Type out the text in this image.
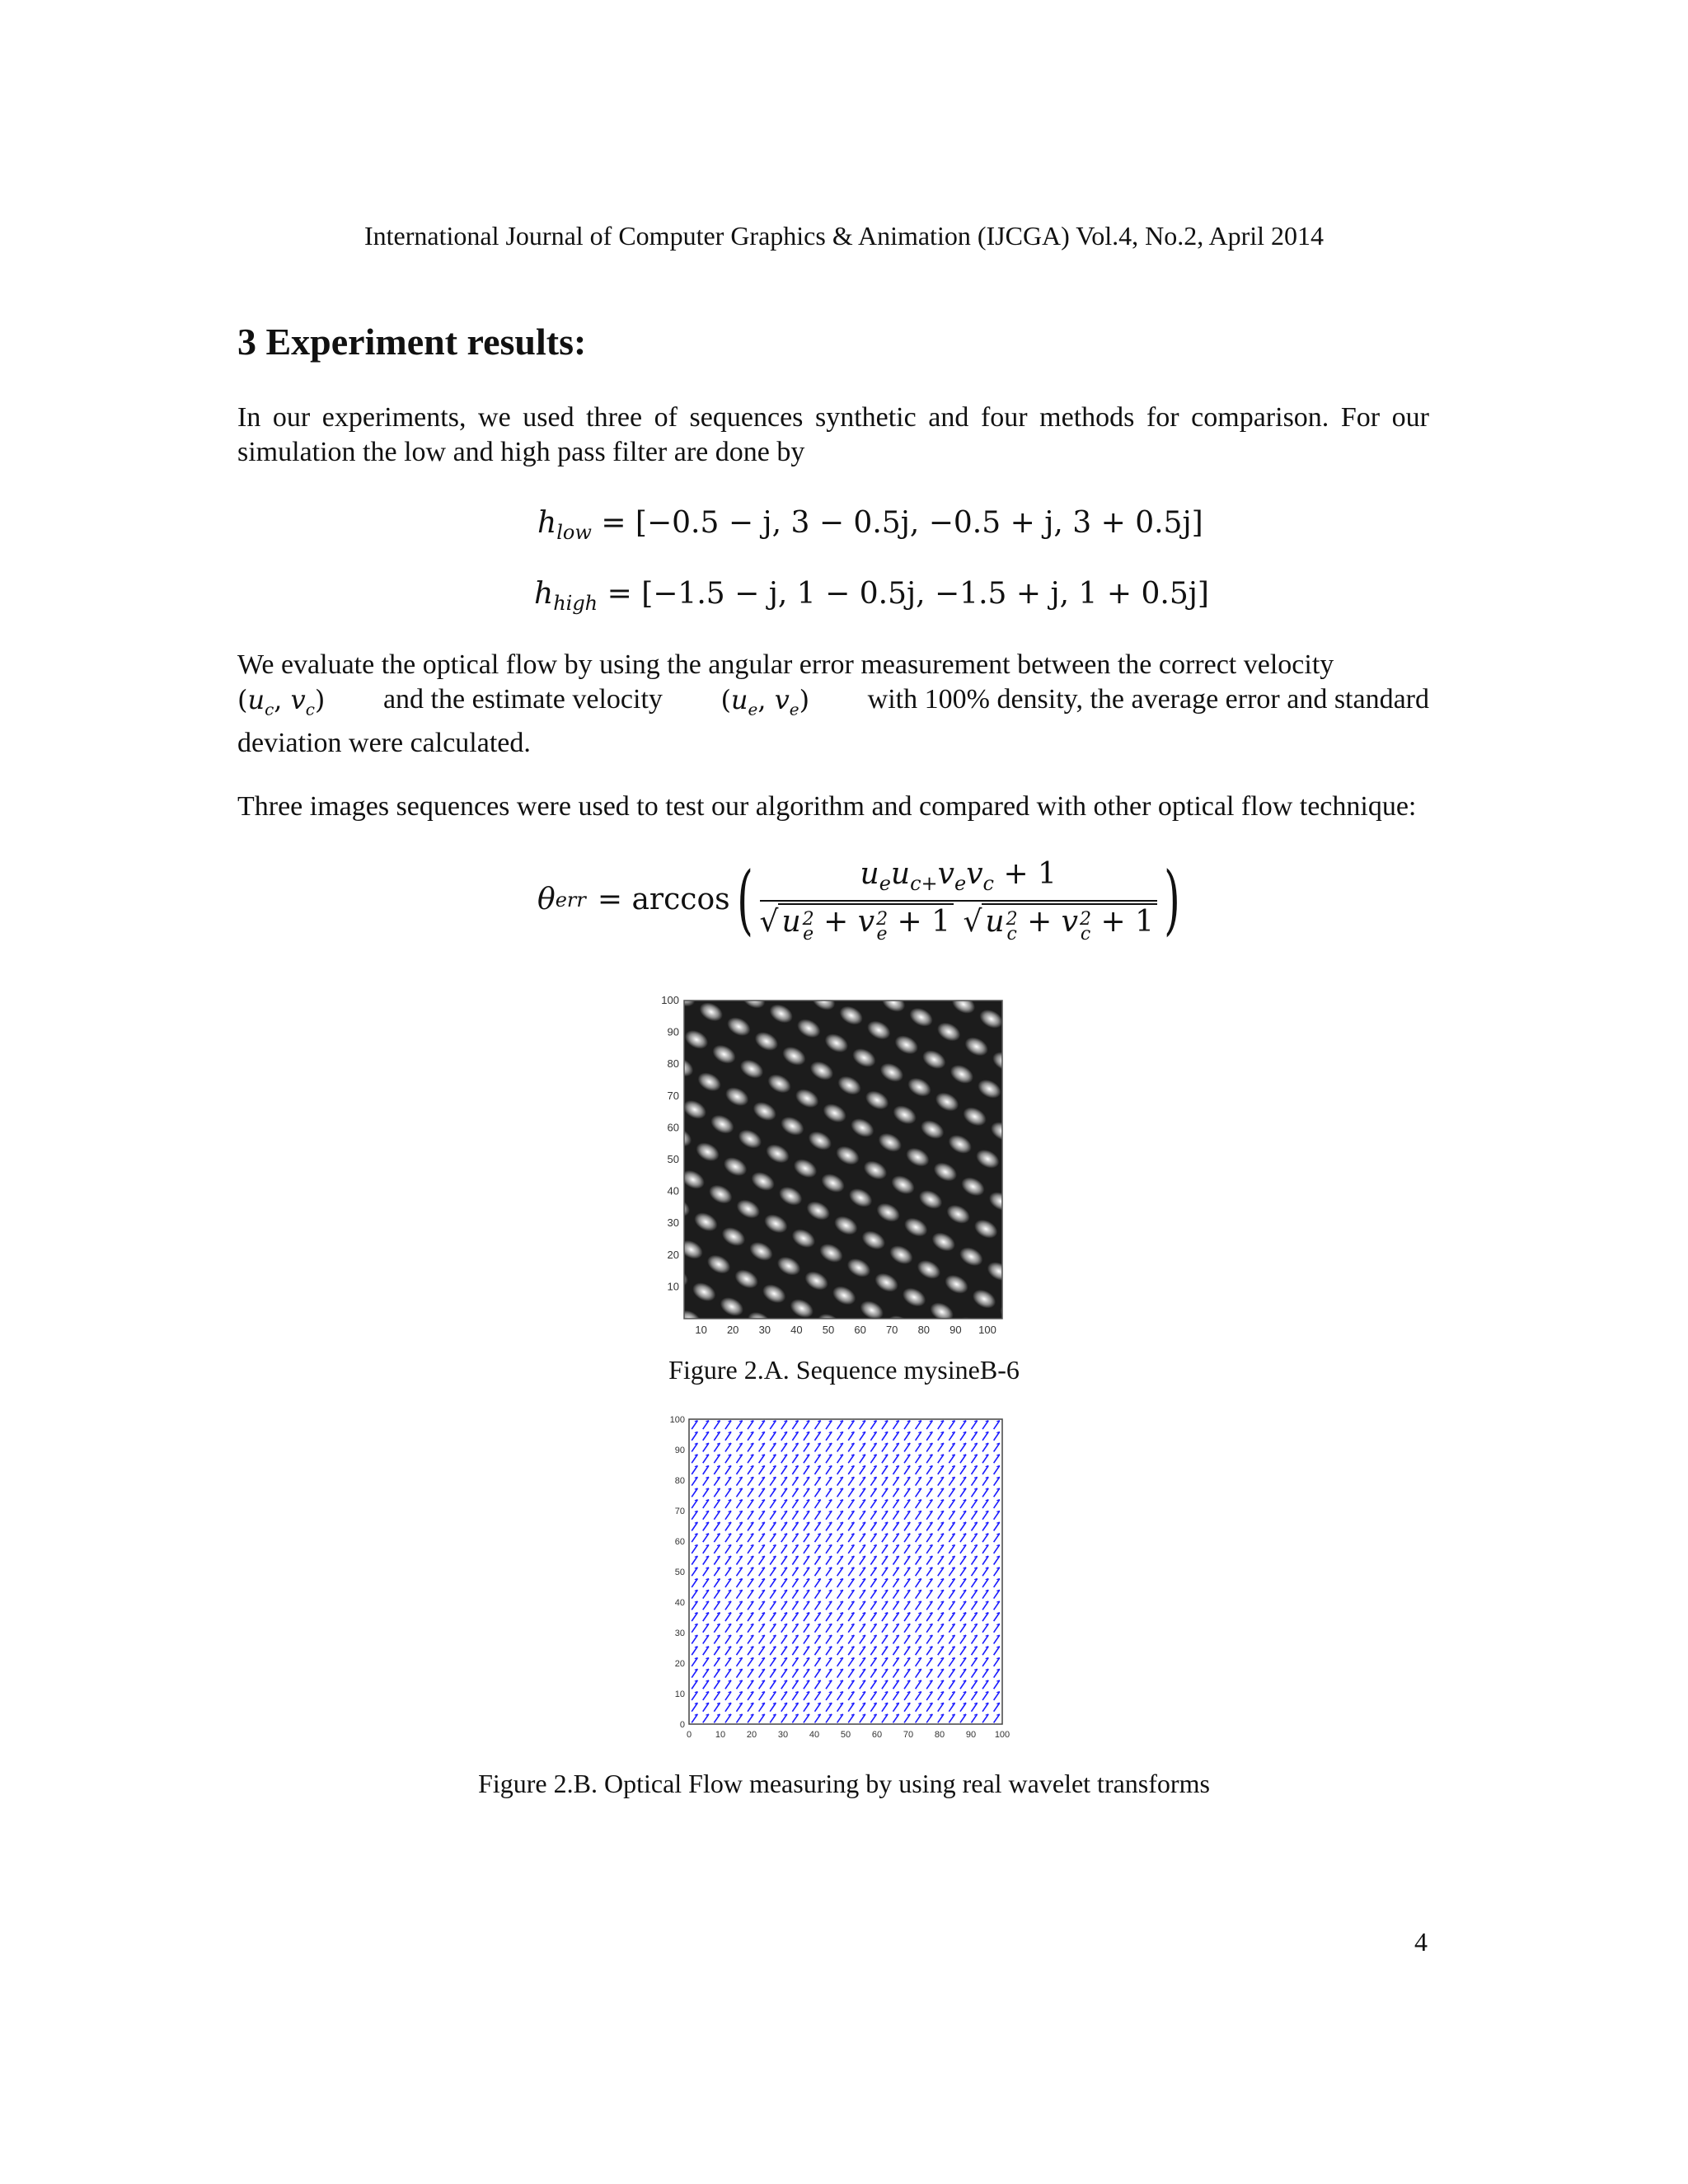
International Journal of Computer Graphics & Animation (IJCGA) Vol.4, No.2, April 2014
3 Experiment results:

In our experiments, we used three of sequences synthetic and four methods for comparison. For our simulation the low and high pass filter are done by

$h_{low} = [-0.5 - j$, 3 − 0.5j, −0.5 + j, 3 + 0.5j]
$h_{high} = [-1.5 - j$, 1 − 0.5j, −1.5 + j, 1 + 0.5j]
We evaluate the optical flow by using the angular error measurement between the correct velocity
($u_c$, $v_c$) and the estimate velocity ($u_e$, $v_e$) with 100% density, the average error and standard
deviation were calculated.

Three images sequences were used to test our algorithm and compared with other optical flow technique:

θ err = arccos ( $u_eu_{c+}v_ev_c + 1$
√ u 2
e + v 2
e + 1 √ u 2
c + v 2
c + 1 )
100
90
80
70
60
50
40
30
20
10
10 20 30 40 50 60 70 80 90 100
Figure 2.A. Sequence mysineB-6
100
90
80
70
60
50
40
30
20
10
0
0	10 20 30 40 50 60 70 80 90 100
Figure 2.B. Optical Flow measuring by using real wavelet transforms
4
